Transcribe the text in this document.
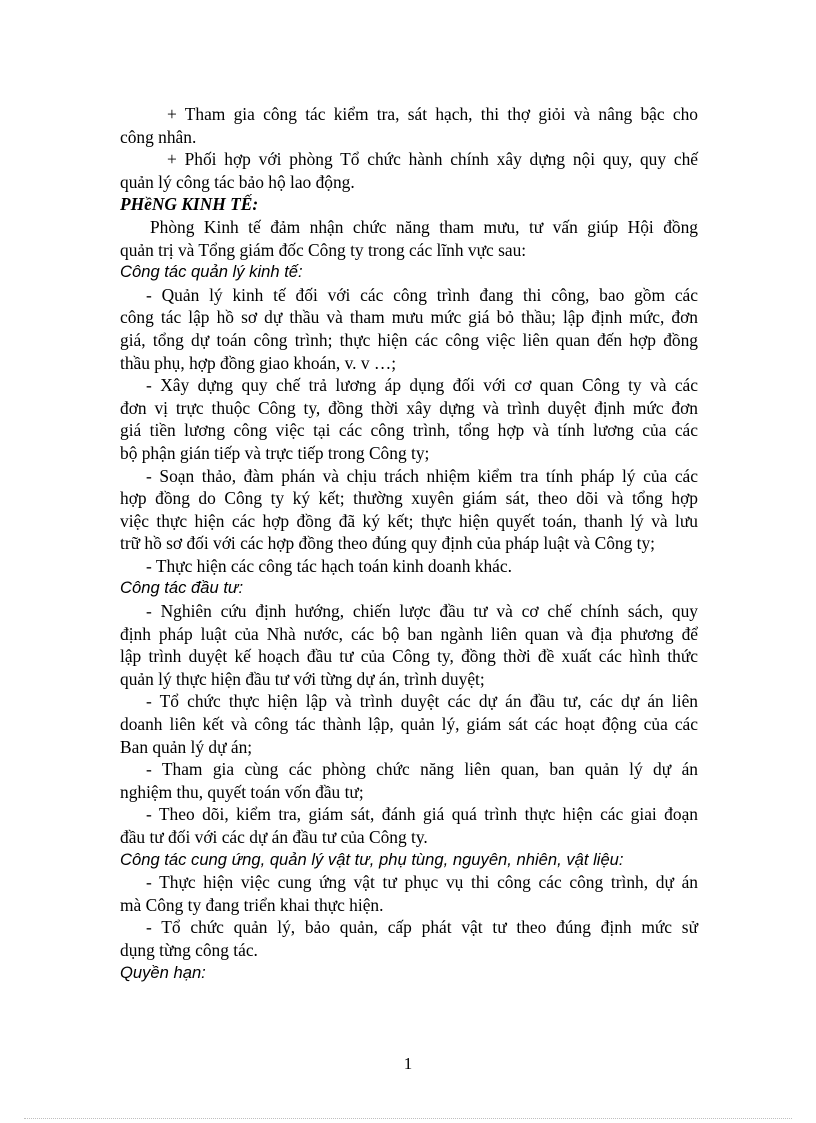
+ Tham gia công tác kiểm tra, sát hạch, thi thợ giỏi và nâng bậc cho
công nhân.
+ Phối hợp với phòng Tổ chức hành chính xây dựng nội quy, quy chế
quản lý công tác bảo hộ lao động.
PHềNG KINH TẾ:
Phòng Kinh tế đảm nhận chức năng tham mưu, tư vấn giúp Hội đồng
quản trị và Tổng giám đốc Công ty trong các lĩnh vực sau:
Công tác quản lý kinh tế:
- Quản lý kinh tế đối với các công trình đang thi công, bao gồm các
công tác lập hồ sơ dự thầu và tham mưu mức giá bỏ thầu; lập định mức, đơn
giá, tổng dự toán công trình; thực hiện các công việc liên quan đến hợp đồng
thầu phụ, hợp đồng giao khoán, v. v …;
- Xây dựng quy chế trả lương áp dụng đối với cơ quan Công ty và các
đơn vị trực thuộc Công ty, đồng thời xây dựng và trình duyệt định mức đơn
giá tiền lương công việc tại các công trình, tổng hợp và tính lương của các
bộ phận gián tiếp và trực tiếp trong Công ty;
- Soạn thảo, đàm phán và chịu trách nhiệm kiểm tra tính pháp lý của các
hợp đồng do Công ty ký kết; thường xuyên giám sát, theo dõi và tổng hợp
việc thực hiện các hợp đồng đã ký kết; thực hiện quyết toán, thanh lý và lưu
trữ hồ sơ đối với các hợp đồng theo đúng quy định của pháp luật và Công ty;
- Thực hiện các công tác hạch toán kinh doanh khác.
Công tác đầu tư:
- Nghiên cứu định hướng, chiến lược đầu tư và cơ chế chính sách, quy
định pháp luật của Nhà nước, các bộ ban ngành liên quan và địa phương để
lập trình duyệt kế hoạch đầu tư của Công ty, đồng thời đề xuất các hình thức
quản lý thực hiện đầu tư với từng dự án, trình duyệt;
- Tổ chức thực hiện lập và trình duyệt các dự án đầu tư, các dự án liên
doanh liên kết và công tác thành lập, quản lý, giám sát các hoạt động của các
Ban quản lý dự án;
- Tham gia cùng các phòng chức năng liên quan, ban quản lý dự án
nghiệm thu, quyết toán vốn đầu tư;
- Theo dõi, kiểm tra, giám sát, đánh giá quá trình thực hiện các giai đoạn
đầu tư đối với các dự án đầu tư của Công ty.
Công tác cung ứng, quản lý vật tư, phụ tùng, nguyên, nhiên, vật liệu:
- Thực hiện việc cung ứng vật tư phục vụ thi công các công trình, dự án
mà Công ty đang triển khai thực hiện.
- Tổ chức quản lý, bảo quản, cấp phát vật tư theo đúng định mức sử
dụng từng công tác.
Quyền hạn:
1
